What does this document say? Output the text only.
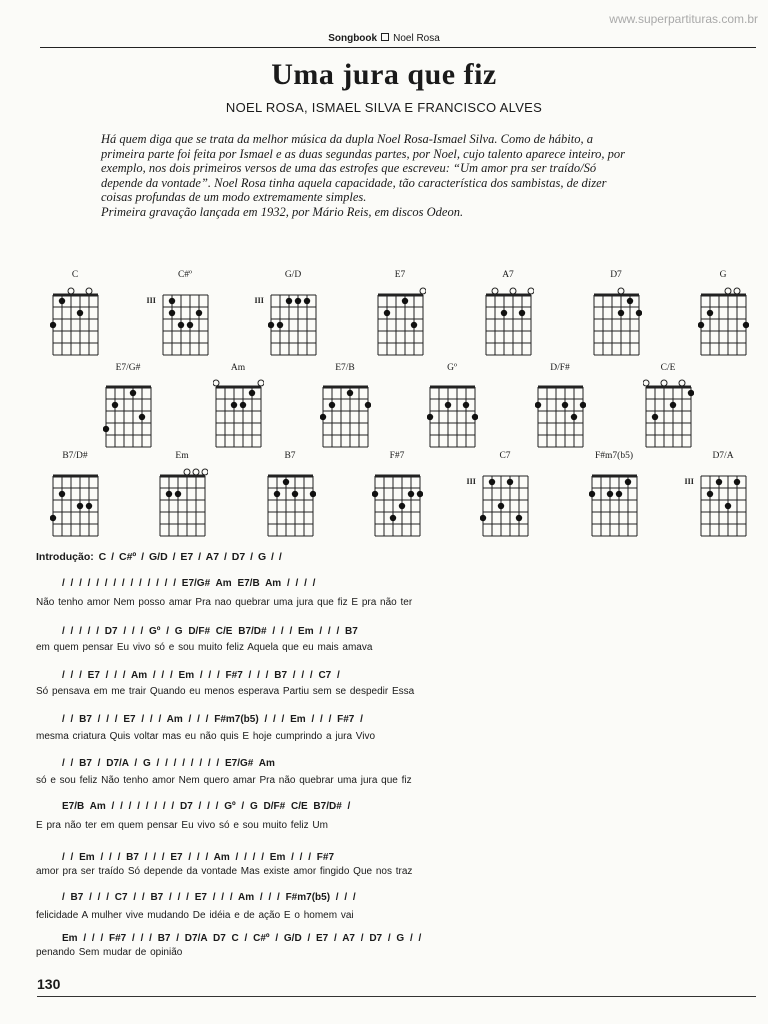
www.superpartituras.com.br
Songbook Noel Rosa
Uma jura que fiz
NOEL ROSA, ISMAEL SILVA E FRANCISCO ALVES
Há quem diga que se trata da melhor música da dupla Noel Rosa-Ismael Silva. Como de hábito, a
primeira parte foi feita por Ismael e as duas segundas partes, por Noel, cujo talento aparece inteiro, por
exemplo, nos dois primeiros versos de uma das estrofes que escreveu: “Um amor pra ser traído/Só
depende da vontade”. Noel Rosa tinha aquela capacidade, tão característica dos sambistas, de dizer
coisas profundas de um modo extremamente simples.
Primeira gravação lançada em 1932, por Mário Reis, em discos Odeon.
C	C#º
III
G/D
III
E7	A7	D7	G
E7/G#	Am	E7/B	Gº	D/F#	C/E
B7/D#	Em	B7	F#7	C7
III
F#m7(b5)	D7/A
III
Introdução: C / C#º / G/D / E7 / A7 / D7 / G / /
/ / / / / / / / / / / / / / E7/G# Am E7/B Am / / / /
Não tenho amor Nem posso amar Pra nao quebrar uma jura que fiz E pra não ter
/ / / / / D7 / / / Gº / G D/F# C/E B7/D# / / / Em / / / B7
em quem pensar Eu vivo só e sou muito feliz Aquela que eu mais amava
/ / / E7 / / / Am / / / Em / / / F#7 / / / B7 / / / C7 /
Só pensava em me trair Quando eu menos esperava Partiu sem se despedir Essa
/ / B7 / / / E7 / / / Am / / / F#m7(b5) / / / Em / / / F#7 /
mesma criatura Quis voltar mas eu não quis E hoje cumprindo a jura Vivo
/ / B7 / D7/A / G / / / / / / / / E7/G# Am
só e sou feliz Não tenho amor Nem quero amar Pra não quebrar uma jura que fiz
E7/B Am / / / / / / / / D7 / / / Gº / G D/F# C/E B7/D# /
E pra não ter em quem pensar Eu vivo só e sou muito feliz Um
/ / Em / / / B7 / / / E7 / / / Am / / / / Em / / / F#7
amor pra ser traído Só depende da vontade Mas existe amor fingido Que nos traz
/ B7 / / / C7 / / B7 / / / E7 / / / Am / / / F#m7(b5) / / /
felicidade A mulher vive mudando De idéia e de ação E o homem vai
Em / / / F#7 / / / B7 / D7/A D7 C / C#º / G/D / E7 / A7 / D7 / G / /
penando Sem mudar de opinião
130
